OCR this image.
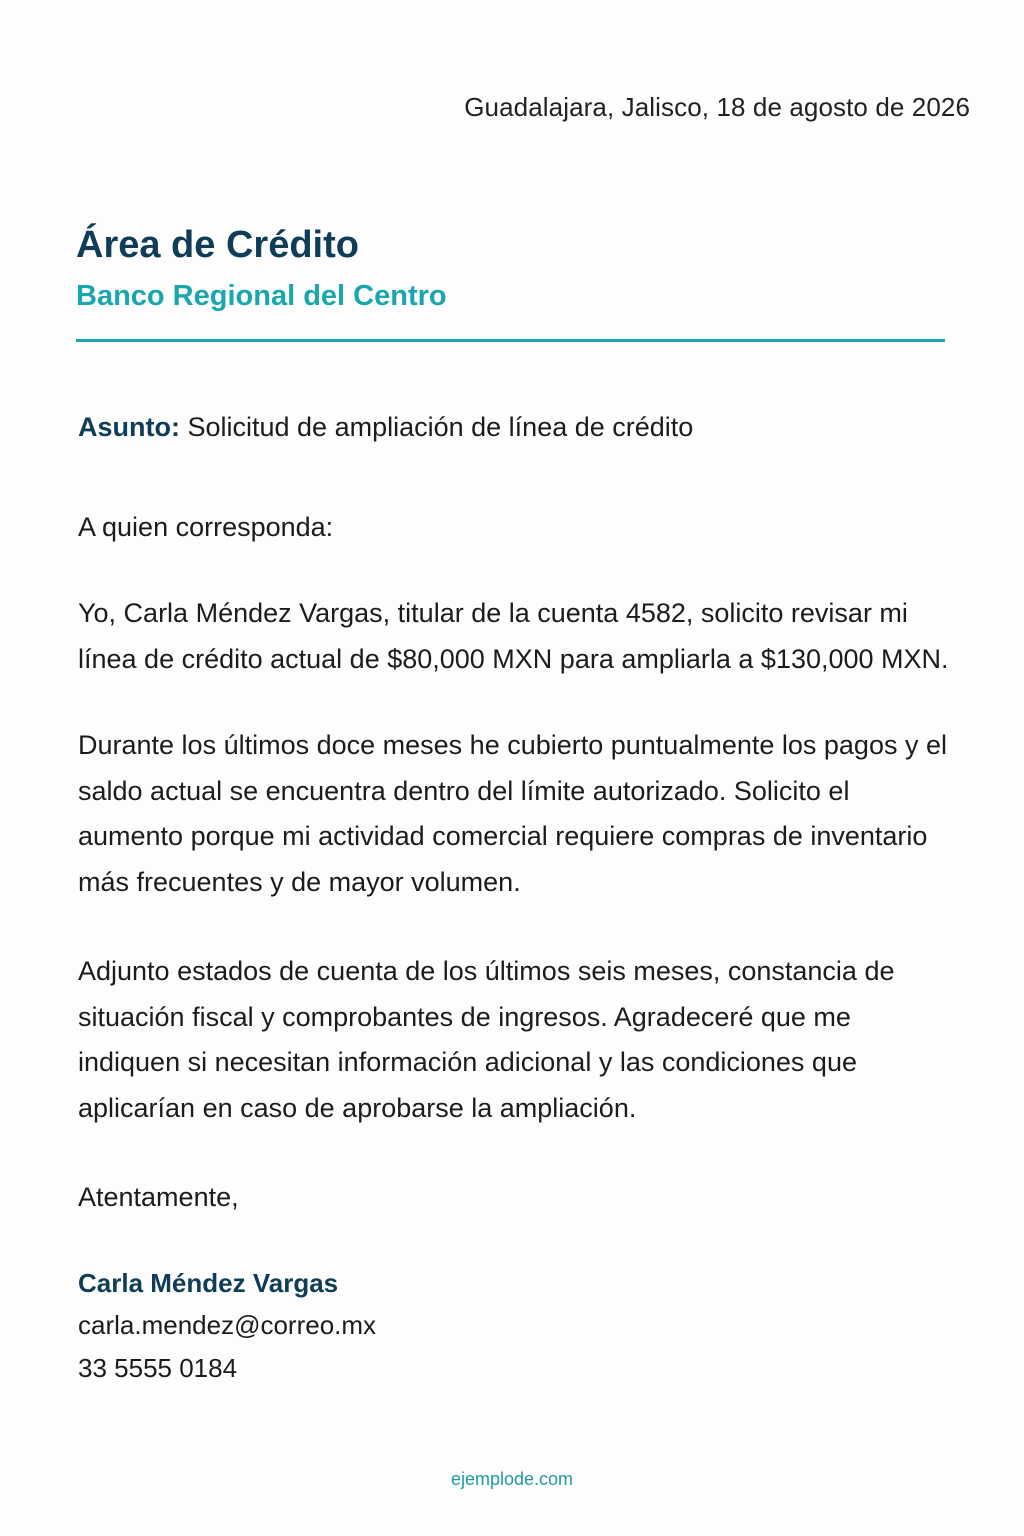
Guadalajara, Jalisco, 18 de agosto de 2026
Área de Crédito
Banco Regional del Centro
Asunto: Solicitud de ampliación de línea de crédito
A quien corresponda:

Yo, Carla Méndez Vargas, titular de la cuenta 4582, solicito revisar mi línea de crédito actual de $80,000 MXN para ampliarla a $130,000 MXN.

Durante los últimos doce meses he cubierto puntualmente los pagos y el saldo actual se encuentra dentro del límite autorizado. Solicito el aumento porque mi actividad comercial requiere compras de inventario más frecuentes y de mayor volumen.

Adjunto estados de cuenta de los últimos seis meses, constancia de situación fiscal y comprobantes de ingresos. Agradeceré que me indiquen si necesitan información adicional y las condiciones que aplicarían en caso de aprobarse la ampliación.

Atentamente,
Carla Méndez Vargas
carla.mendez@correo.mx
33 5555 0184
ejemplode.com
